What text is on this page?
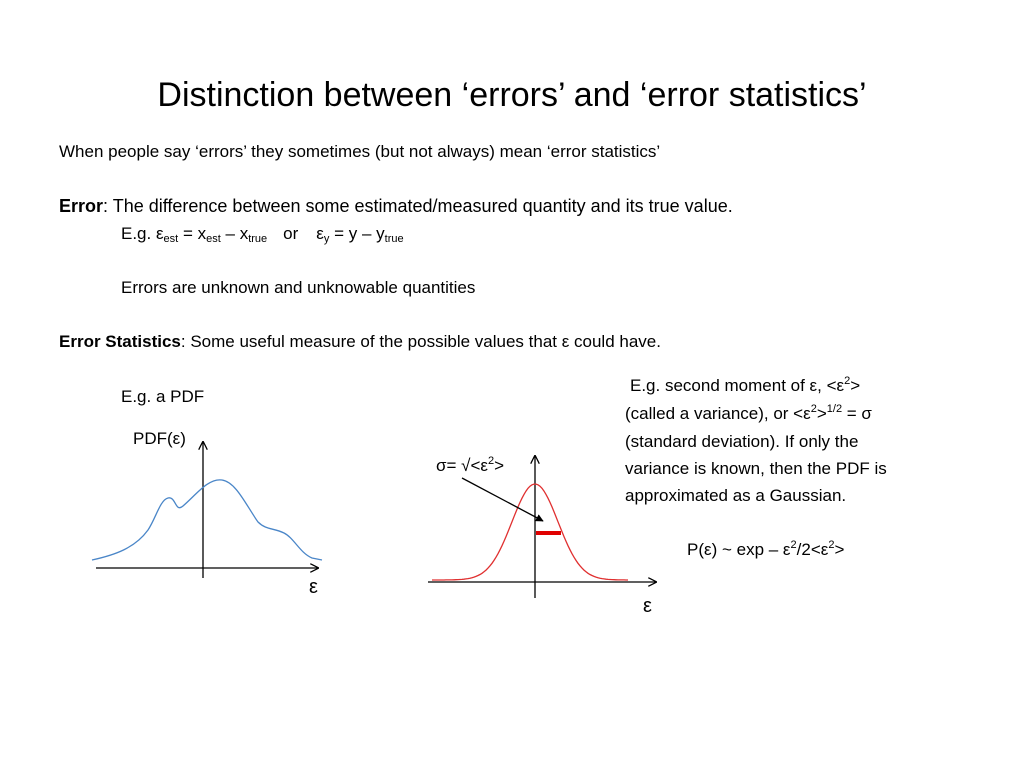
Distinction between ‘errors’ and ‘error statistics’
When people say ‘errors’ they sometimes (but not always) mean ‘error statistics’
Error: The difference between some estimated/measured quantity and its true value.
E.g. $\varepsilon_{est} = x_{est} - x_{true}$ or $\varepsilon_y = y - y_{true}$
Errors are unknown and unknowable quantities
Error Statistics: Some useful measure of the possible values that ε could have.
E.g. a PDF
E.g. second moment of ε, $<\varepsilon^2>$
(called a variance), or $<\varepsilon^2>^{1/2} = \sigma$
(standard deviation). If only the
variance is known, then the PDF is
approximated as a Gaussian.
P(ε) ~ $\exp - \varepsilon^2/2<\varepsilon^2>$
PDF(ε)
ε
$\sigma= √<\varepsilon^2>$
ε
